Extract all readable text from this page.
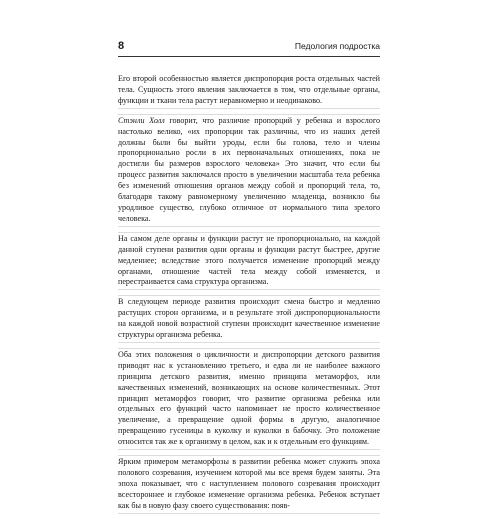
8	Педология подростка

Его второй особенностью является диспропорция роста отдельных частей тела. Сущность этого явления заключается в том, что отдельные органы, функции и ткани тела растут неравномерно и неодинаково.

Стэнли Холл говорит, что различие пропорций у ребенка и взрослого настолько велико, «их пропорции так различны, что из наших детей должны были бы выйти уроды, если бы голова, тело и члены пропорционально росли в их первоначальных отношениях, пока не достигли бы размеров взрослого человека» Это значит, что если бы процесс развития заключался просто в увеличении масштаба тела ребенка без изменений отношения органов между собой и пропорций тела, то, благодаря такому равномерному увеличению младенца, возникло бы уродливое существо, глубоко отличное от нормального типа зрелого человека.

На самом деле органы и функции растут не пропорционально, на каждой данной ступени развития одни органы и функции растут быстрее, другие медленнее; вследствие этого получается изменение пропорций между органами, отношение частей тела между собой изменяется, и перестраивается сама структура организма.

В следующем периоде развития происходит смена быстро и медленно растущих сторон организма, и в результате этой диспропорциональности на каждой новой возрастной ступени происходит качественное изменение структуры организма ребенка.

Оба этих положения о цикличности и диспропорции детского развития приводят нас к установлению третьего, и едва ли не наиболее важного принципа детского развития, именно принципа метаморфоз, или качественных изменений, возникающих на основе количественных. Этот принцип метаморфоз говорит, что развитие организма ребенка или отдельных его функций часто напоминает не просто количественное увеличение, а превращение одной формы в другую, аналогичное превращению гусеницы в куколку и куколки в бабочку. Это положение относится так же к организму в целом, как и к отдельным его функциям.

Ярким примером метаморфозы в развитии ребенка может служить эпоха полового созревания, изучением которой мы все время будем заняты. Эта эпоха показывает, что с наступлением полового созревания происходит всестороннее и глубокое изменение организма ребенка. Ребенок вступает как бы в новую фазу своего существования: появ-
